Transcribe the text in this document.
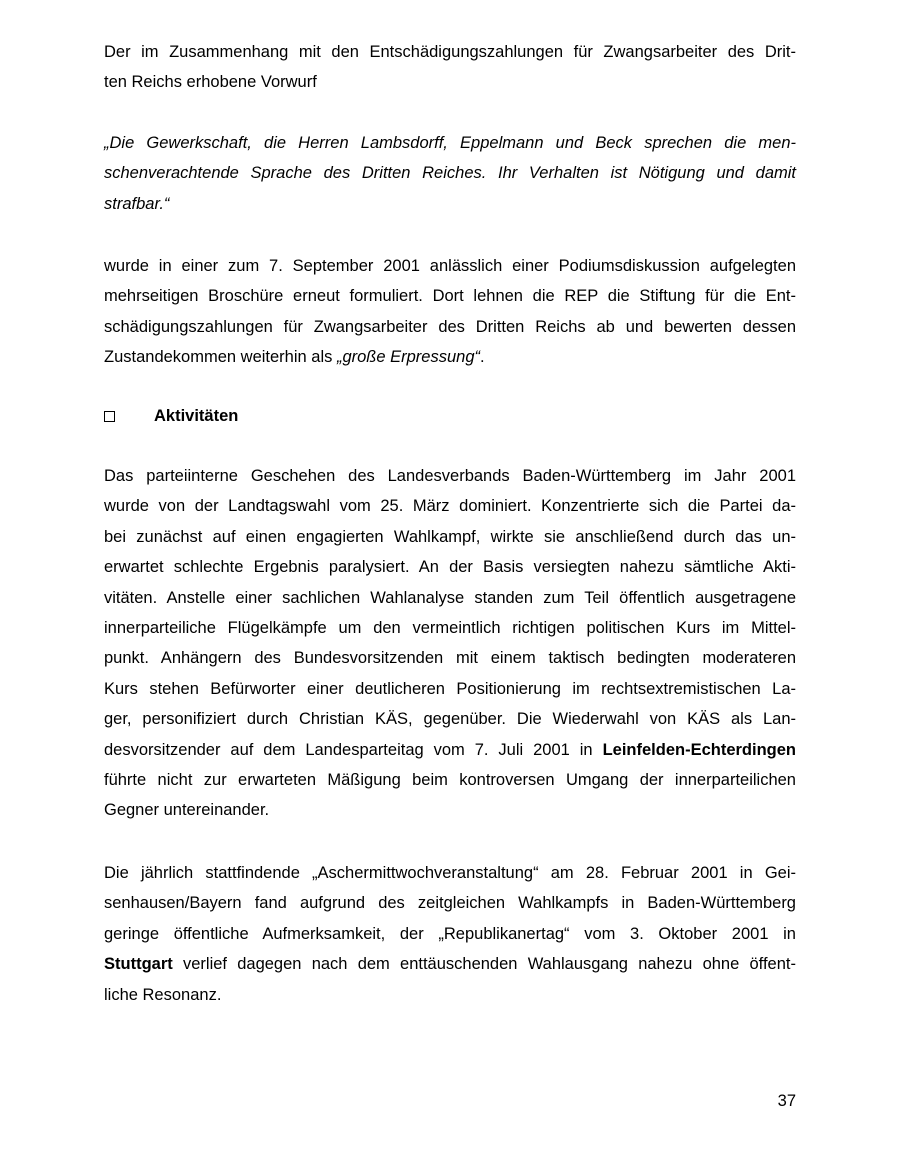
Der im Zusammenhang mit den Entschädigungszahlungen für Zwangsarbeiter des Drit-
ten Reichs erhobene Vorwurf

„Die Gewerkschaft, die Herren Lambsdorff, Eppelmann und Beck sprechen die men-
schenverachtende Sprache des Dritten Reiches. Ihr Verhalten ist Nötigung und damit
strafbar.“

wurde in einer zum 7. September 2001 anlässlich einer Podiumsdiskussion aufgelegten
mehrseitigen Broschüre erneut formuliert. Dort lehnen die REP die Stiftung für die Ent-
schädigungszahlungen für Zwangsarbeiter des Dritten Reichs ab und bewerten dessen
Zustandekommen weiterhin als „große Erpressung“.

Aktivitäten

Das parteiinterne Geschehen des Landesverbands Baden-Württemberg im Jahr 2001
wurde von der Landtagswahl vom 25. März dominiert. Konzentrierte sich die Partei da-
bei zunächst auf einen engagierten Wahlkampf, wirkte sie anschließend durch das un-
erwartet schlechte Ergebnis paralysiert. An der Basis versiegten nahezu sämtliche Akti-
vitäten. Anstelle einer sachlichen Wahlanalyse standen zum Teil öffentlich ausgetragene
innerparteiliche Flügelkämpfe um den vermeintlich richtigen politischen Kurs im Mittel-
punkt. Anhängern des Bundesvorsitzenden mit einem taktisch bedingten moderateren
Kurs stehen Befürworter einer deutlicheren Positionierung im rechtsextremistischen La-
ger, personifiziert durch Christian KÄS, gegenüber. Die Wiederwahl von KÄS als Lan-
desvorsitzender auf dem Landesparteitag vom 7. Juli 2001 in Leinfelden-Echterdingen
führte nicht zur erwarteten Mäßigung beim kontroversen Umgang der innerparteilichen
Gegner untereinander.

Die jährlich stattfindende „Aschermittwochveranstaltung“ am 28. Februar 2001 in Gei-
senhausen/Bayern fand aufgrund des zeitgleichen Wahlkampfs in Baden-Württemberg
geringe öffentliche Aufmerksamkeit, der „Republikanertag“ vom 3. Oktober 2001 in
Stuttgart verlief dagegen nach dem enttäuschenden Wahlausgang nahezu ohne öffent-
liche Resonanz.

37
